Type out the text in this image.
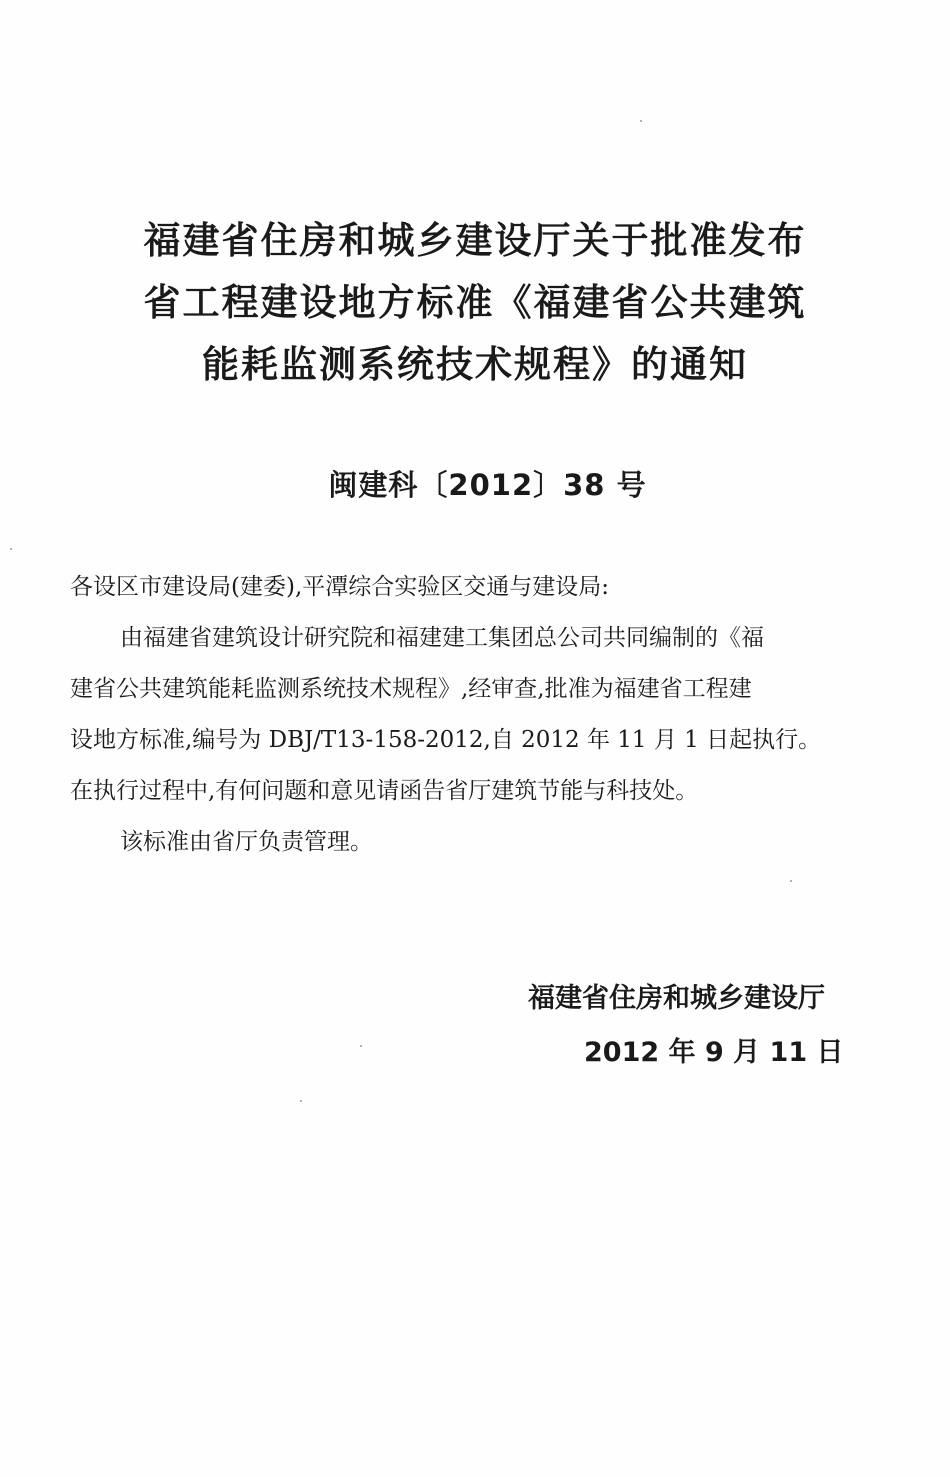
福建省住房和城乡建设厅关于批准发布
省工程建设地方标准《福建省公共建筑
能耗监测系统技术规程》的通知
闽建科〔2012〕38 号

各设区市建设局(建委),平潭综合实验区交通与建设局:

由福建省建筑设计研究院和福建建工集团总公司共同编制的《福

建省公共建筑能耗监测系统技术规程》,经审查,批准为福建省工程建

设地方标准,编号为 DBJ/T13-158-2012,自 2012 年 11 月 1 日起执行。

在执行过程中,有何问题和意见请函告省厅建筑节能与科技处。

该标准由省厅负责管理。

福建省住房和城乡建设厅
2012 年 9 月 11 日
